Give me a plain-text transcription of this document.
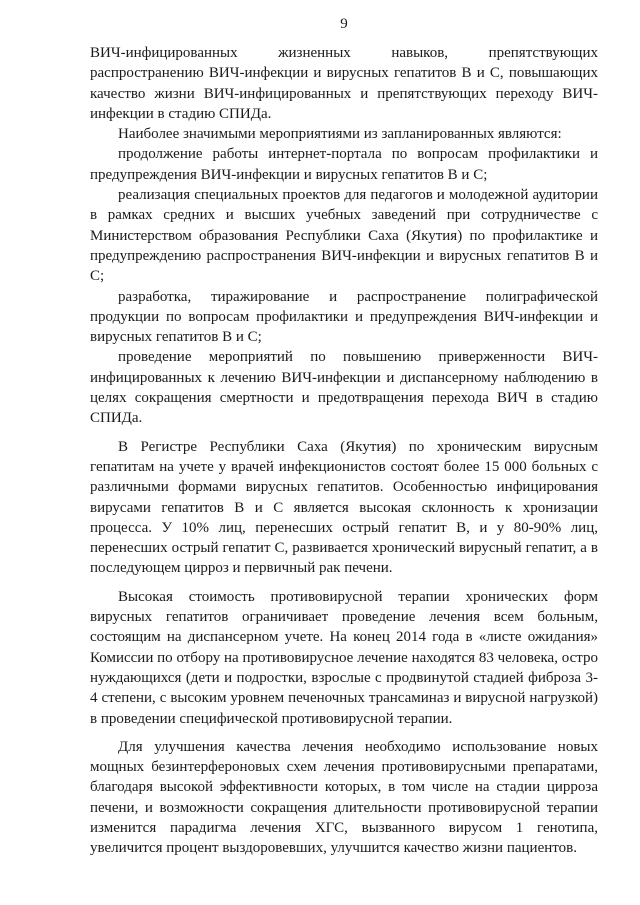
9

ВИЧ-инфицированных жизненных навыков, препятствующих распространению ВИЧ-инфекции и вирусных гепатитов В и С, повышающих качество жизни ВИЧ-инфицированных и препятствующих переходу ВИЧ-инфекции в стадию СПИДа.

Наиболее значимыми мероприятиями из запланированных являются:

продолжение работы интернет-портала по вопросам профилактики и предупреждения ВИЧ-инфекции и вирусных гепатитов В и С;

реализация специальных проектов для педагогов и молодежной аудитории в рамках средних и высших учебных заведений при сотрудничестве с Министерством образования Республики Саха (Якутия) по профилактике и предупреждению распространения ВИЧ-инфекции и вирусных гепатитов В и С;

разработка, тиражирование и распространение полиграфической продукции по вопросам профилактики и предупреждения ВИЧ-инфекции и вирусных гепатитов В и С;

проведение мероприятий по повышению приверженности ВИЧ-инфицированных к лечению ВИЧ-инфекции и диспансерному наблюдению в целях сокращения смертности и предотвращения перехода ВИЧ в стадию СПИДа.

В Регистре Республики Саха (Якутия) по хроническим вирусным гепатитам на учете у врачей инфекционистов состоят более 15 000 больных с различными формами вирусных гепатитов. Особенностью инфицирования вирусами гепатитов В и С является высокая склонность к хронизации процесса. У 10% лиц, перенесших острый гепатит В, и у 80-90% лиц, перенесших острый гепатит С, развивается хронический вирусный гепатит, а в последующем цирроз и первичный рак печени.

Высокая стоимость противовирусной терапии хронических форм вирусных гепатитов ограничивает проведение лечения всем больным, состоящим на диспансерном учете. На конец 2014 года в «листе ожидания» Комиссии по отбору на противовирусное лечение находятся 83 человека, остро нуждающихся (дети и подростки, взрослые с продвинутой стадией фиброза 3-4 степени, с высоким уровнем печеночных трансаминаз и вирусной нагрузкой) в проведении специфической противовирусной терапии.

Для улучшения качества лечения необходимо использование новых мощных безинтерфероновых схем лечения противовирусными препаратами, благодаря высокой эффективности которых, в том числе на стадии цирроза печени, и возможности сокращения длительности противовирусной терапии изменится парадигма лечения ХГС, вызванного вирусом 1 генотипа, увеличится процент выздоровевших, улучшится качество жизни пациентов.
